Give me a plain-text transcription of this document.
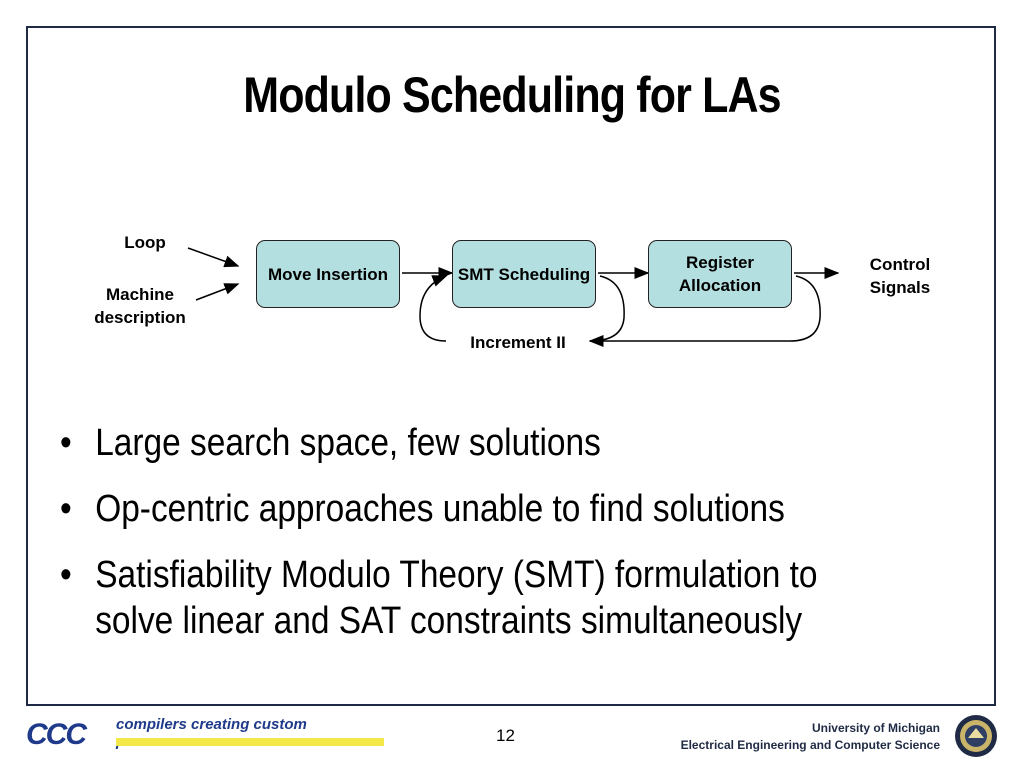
Modulo Scheduling for LAs
Loop
Machine description
Move Insertion	SMT Scheduling
Register Allocation
Control Signals
Increment II
• Large search space, few solutions
• Op-centric approaches unable to find solutions
• Satisfiability Modulo Theory (SMT) formulation to solve linear and SAT constraints simultaneously
CCC compilers creating custom
12	University of Michigan
Electrical Engineering and Computer Science
